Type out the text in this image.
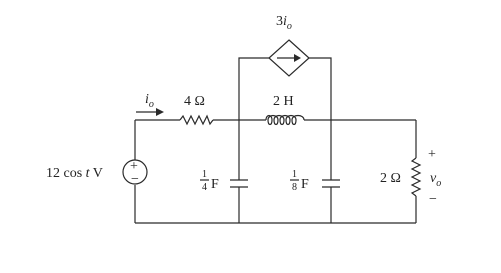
$3i_o$
$i_o$ 4 Ω	2 H
1
4 F
1
8 F	2 Ω
+
$v_o$
−
+
−
12 cos t V
